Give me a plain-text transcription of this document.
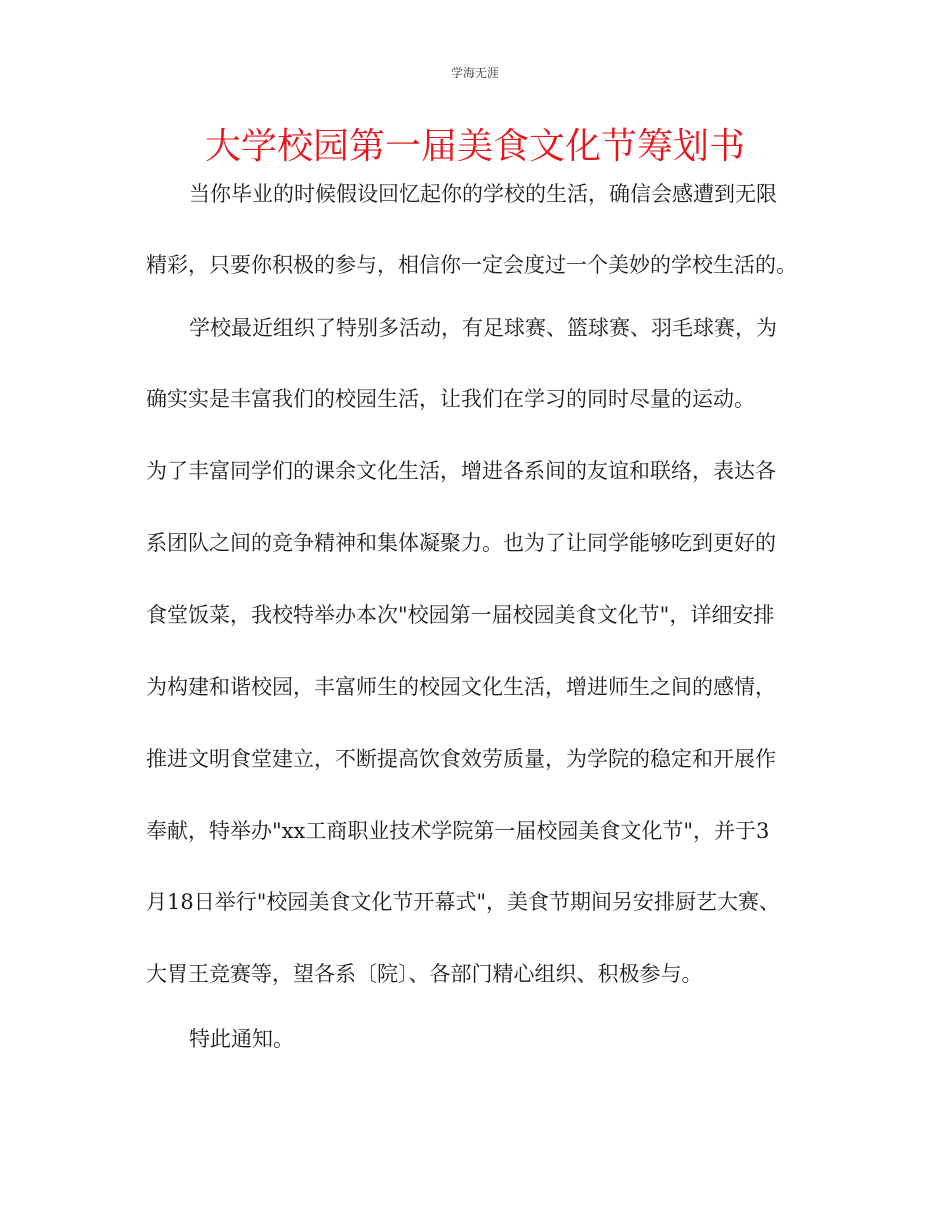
学海无涯
大学校园第一届美食文化节筹划书
当你毕业的时候假设回忆起你的学校的生活，确信会感遭到无限
精彩，只要你积极的参与，相信你一定会度过一个美妙的学校生活的。
学校最近组织了特别多活动，有足球赛、篮球赛、羽毛球赛，为
确实实是丰富我们的校园生活，让我们在学习的同时尽量的运动。
为了丰富同学们的课余文化生活，增进各系间的友谊和联络，表达各
系团队之间的竞争精神和集体凝聚力。也为了让同学能够吃到更好的
食堂饭菜，我校特举办本次"校园第一届校园美食文化节"，详细安排
为构建和谐校园，丰富师生的校园文化生活，增进师生之间的感情，
推进文明食堂建立，不断提高饮食效劳质量，为学院的稳定和开展作
奉献，特举办"xx工商职业技术学院第一届校园美食文化节"，并于3
月18日举行"校园美食文化节开幕式"，美食节期间另安排厨艺大赛、
大胃王竞赛等，望各系〔院〕、各部门精心组织、积极参与。
特此通知。
